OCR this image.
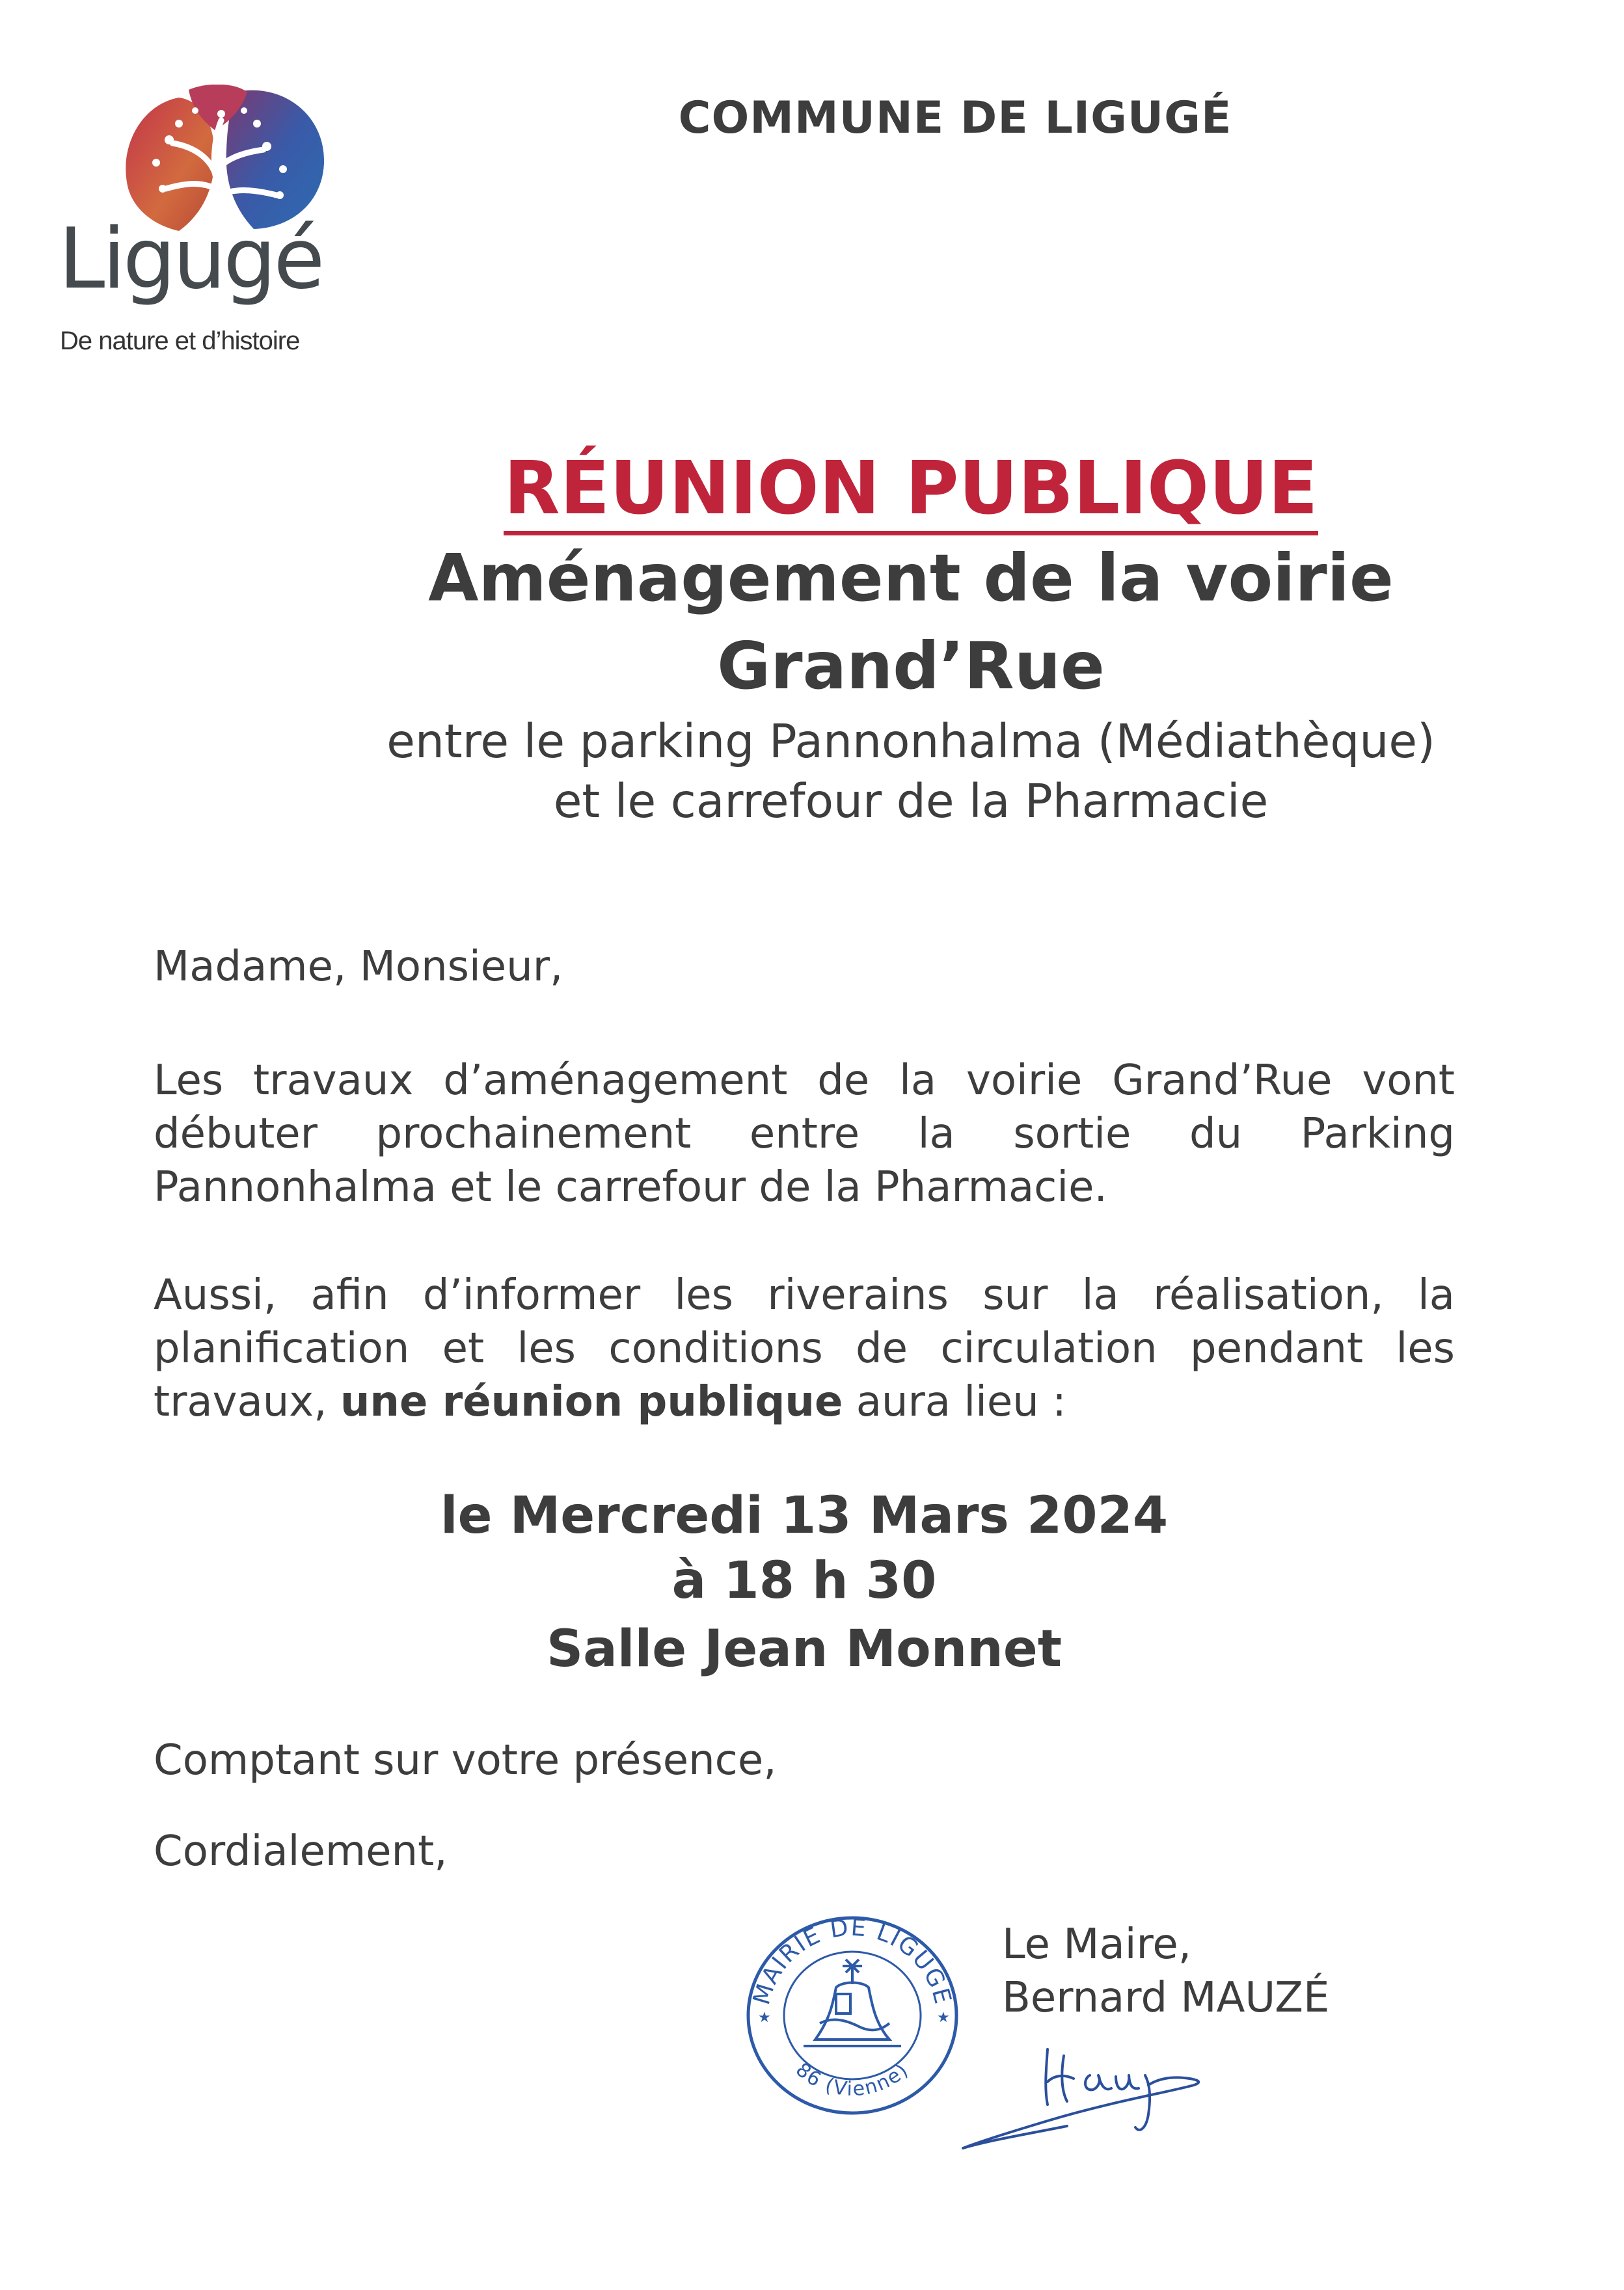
Ligugé
De nature et d’histoire
COMMUNE DE LIGUGÉ
RÉUNION PUBLIQUE
Aménagement de la voirie
Grand’Rue
entre le parking Pannonhalma (Médiathèque)
et le carrefour de la Pharmacie
Madame, Monsieur,
Les travaux d’aménagement de la voirie Grand’Rue vont débuter prochainement entre la sortie du Parking Pannonhalma et le carrefour de la Pharmacie.
Aussi, afin d’informer les riverains sur la réalisation, la planification et les conditions de circulation pendant les travaux, une réunion publique aura lieu :
le Mercredi 13 Mars 2024
à 18 h 30
Salle Jean Monnet
Comptant sur votre présence,
Cordialement,
MAIRIE DE LIGUGÉ
86 (Vienne)
★	★
Le Maire,
Bernard MAUZÉ
